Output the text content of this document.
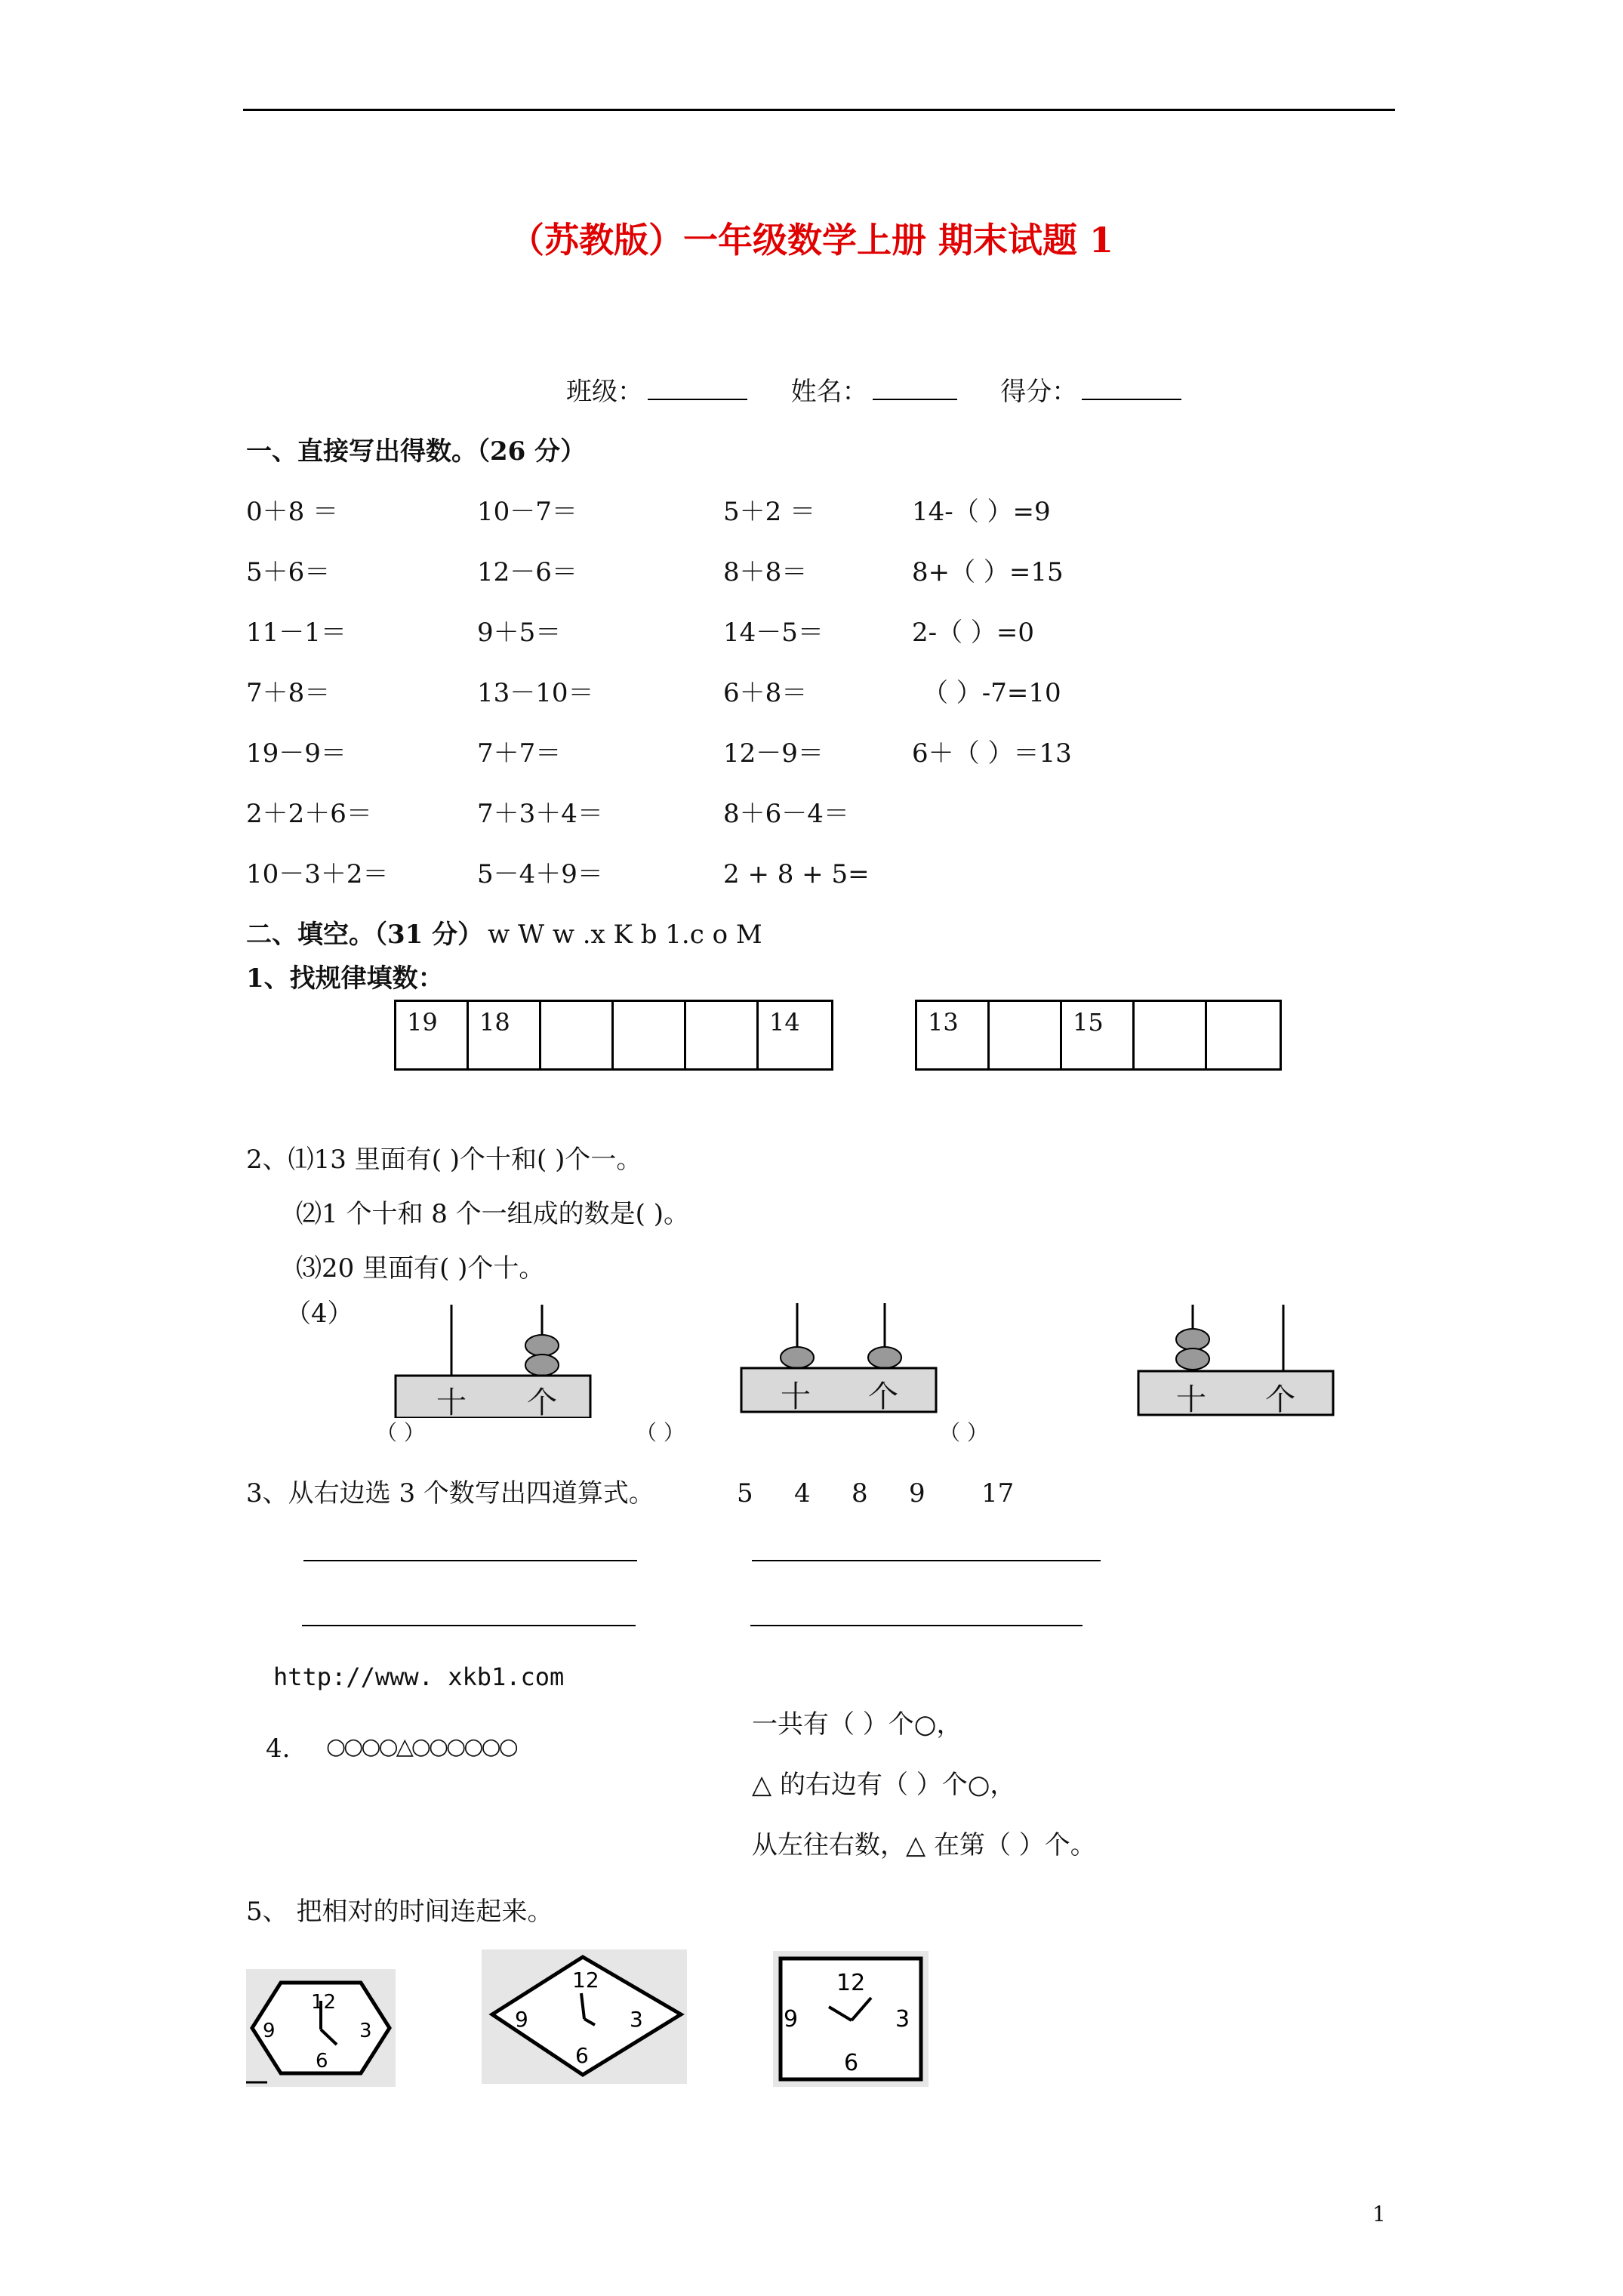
（苏教版）一年级数学上册 期末试题 1
班级：	姓名：	得分：
一、直接写出得数。（26 分）
0＋8 ＝	10－7＝	5＋2 ＝	14-（ ）=9
5＋6＝	12－6＝	8＋8＝	8+（ ）=15
11－1＝	9＋5＝	14－5＝	2-（ ）=0
7＋8＝	13－10＝	6＋8＝	（ ）-7=10
19－9＝	7＋7＝	12－9＝	6＋（ ）＝13
2＋2＋6＝	7＋3＋4＝	8＋6－4＝
10－3＋2＝	5－4＋9＝	2 + 8 + 5=
二、填空。（31 分） w W w .x K b 1.c o M
1、找规律填数：
19	18	14	13	15
2、⑴13 里面有( )个十和( )个一。
⑵1 个十和 8 个一组成的数是( )。
⑶20 里面有( )个十。
（4）
十 个	十 个	十 个
（ ）	（ ）	（ ）
3、从右边选 3 个数写出四道算式。	5 4 8 9 17
http://www. xkb1.com
4. ○○○○△○○○○○○
一共有（ ）个○，
△ 的右边有（ ）个○，
从左往右数，△ 在第（ ）个。
5、 把相对的时间连起来。
12
3
6
9
12
3
6
9
12
3
6
9
1
